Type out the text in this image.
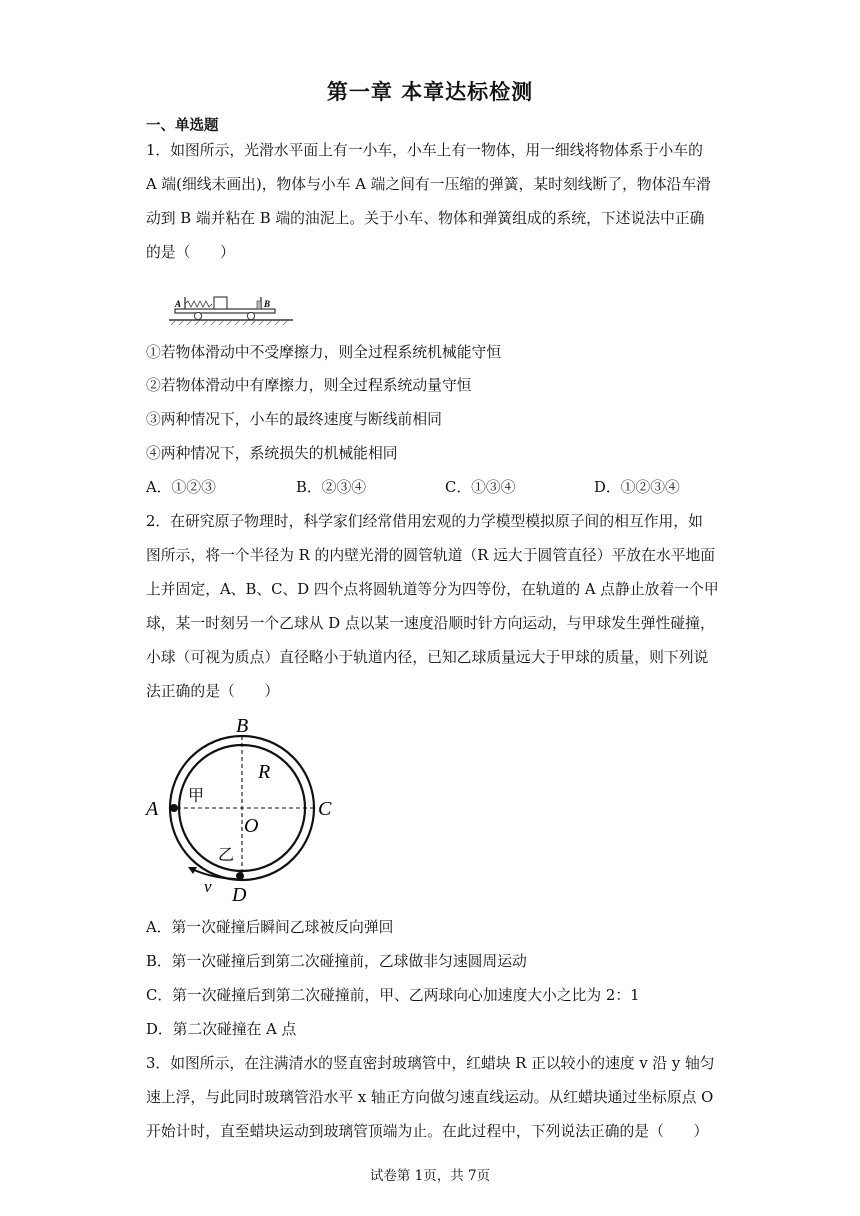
第一章 本章达标检测
一、单选题
1．如图所示，光滑水平面上有一小车，小车上有一物体，用一细线将物体系于小车的
A 端(细线未画出)，物体与小车 A 端之间有一压缩的弹簧，某时刻线断了，物体沿车滑
动到 B 端并粘在 B 端的油泥上。关于小车、物体和弹簧组成的系统，下述说法中正确
的是（　　）
A	B
①若物体滑动中不受摩擦力，则全过程系统机械能守恒
②若物体滑动中有摩擦力，则全过程系统动量守恒
③两种情况下，小车的最终速度与断线前相同
④两种情况下，系统损失的机械能相同
A．①②③	B．②③④	C．①③④	D．①②③④
2．在研究原子物理时，科学家们经常借用宏观的力学模型模拟原子间的相互作用，如
图所示，将一个半径为 R 的内壁光滑的圆管轨道（R 远大于圆管直径）平放在水平地面
上并固定，A、B、C、D 四个点将圆轨道等分为四等份，在轨道的 A 点静止放着一个甲
球，某一时刻另一个乙球从 D 点以某一速度沿顺时针方向运动，与甲球发生弹性碰撞，
小球（可视为质点）直径略小于轨道内径，已知乙球质量远大于甲球的质量，则下列说
法正确的是（　　）
B
A	C
D
O
R
甲
乙
v
A．第一次碰撞后瞬间乙球被反向弹回
B．第一次碰撞后到第二次碰撞前，乙球做非匀速圆周运动
C．第一次碰撞后到第二次碰撞前，甲、乙两球向心加速度大小之比为 2：1
D．第二次碰撞在 A 点
3．如图所示，在注满清水的竖直密封玻璃管中，红蜡块 R 正以较小的速度 v 沿 y 轴匀
速上浮，与此同时玻璃管沿水平 x 轴正方向做匀速直线运动。从红蜡块通过坐标原点 O
开始计时，直至蜡块运动到玻璃管顶端为止。在此过程中，下列说法正确的是（　　）
试卷第 1页，共 7页
